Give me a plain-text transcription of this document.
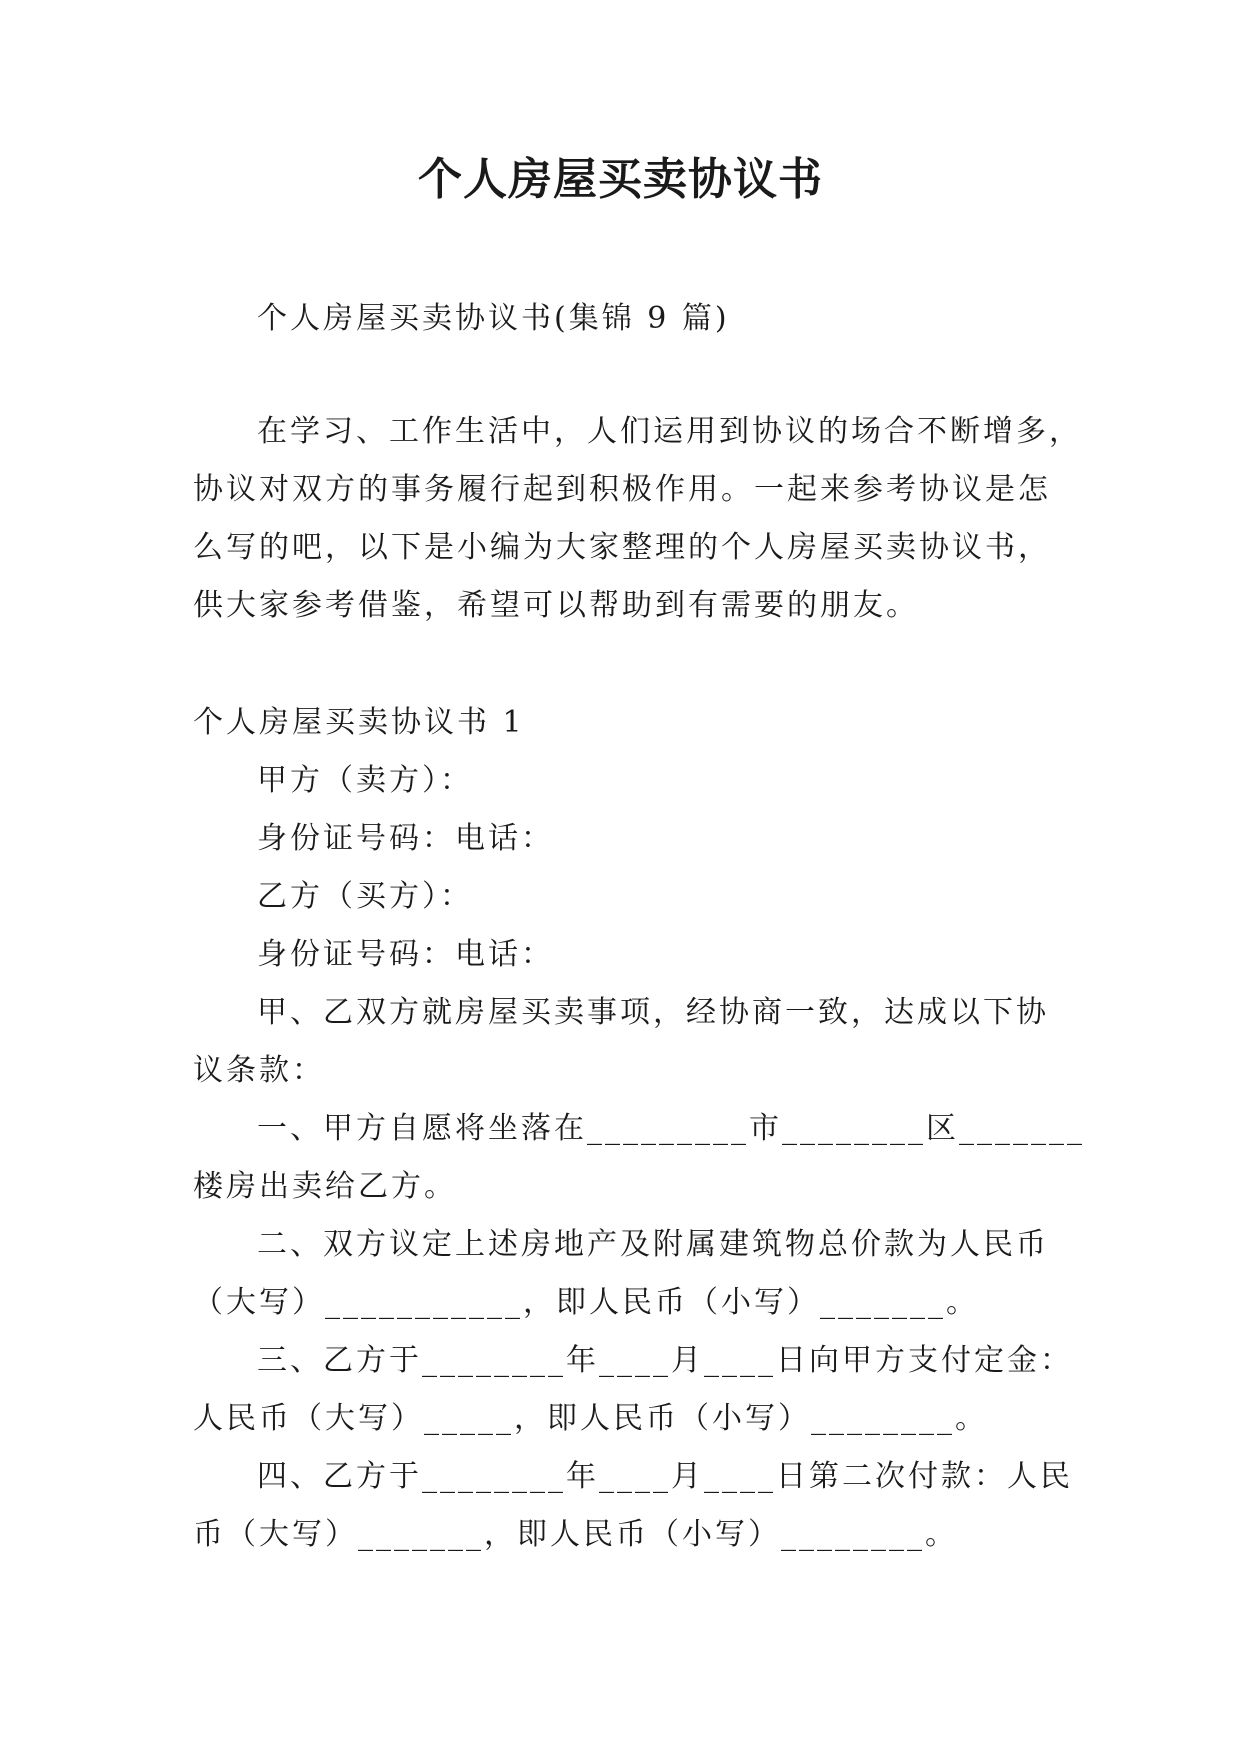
个人房屋买卖协议书

个人房屋买卖协议书(集锦 9 篇)

在学习、工作生活中，人们运用到协议的场合不断增多，
协议对双方的事务履行起到积极作用。一起来参考协议是怎
么写的吧，以下是小编为大家整理的个人房屋买卖协议书，
供大家参考借鉴，希望可以帮助到有需要的朋友。

个人房屋买卖协议书 1

甲方（卖方）：
身份证号码：电话：
乙方（买方）：
身份证号码：电话：
甲、乙双方就房屋买卖事项，经协商一致，达成以下协
议条款：
一、甲方自愿将坐落在_________市________区_______
楼房出卖给乙方。
二、双方议定上述房地产及附属建筑物总价款为人民币
（大写）___________，即人民币（小写）_______。
三、乙方于________年____月____日向甲方支付定金：
人民币（大写）_____，即人民币（小写）________。
四、乙方于________年____月____日第二次付款：人民
币（大写）_______，即人民币（小写）________。
